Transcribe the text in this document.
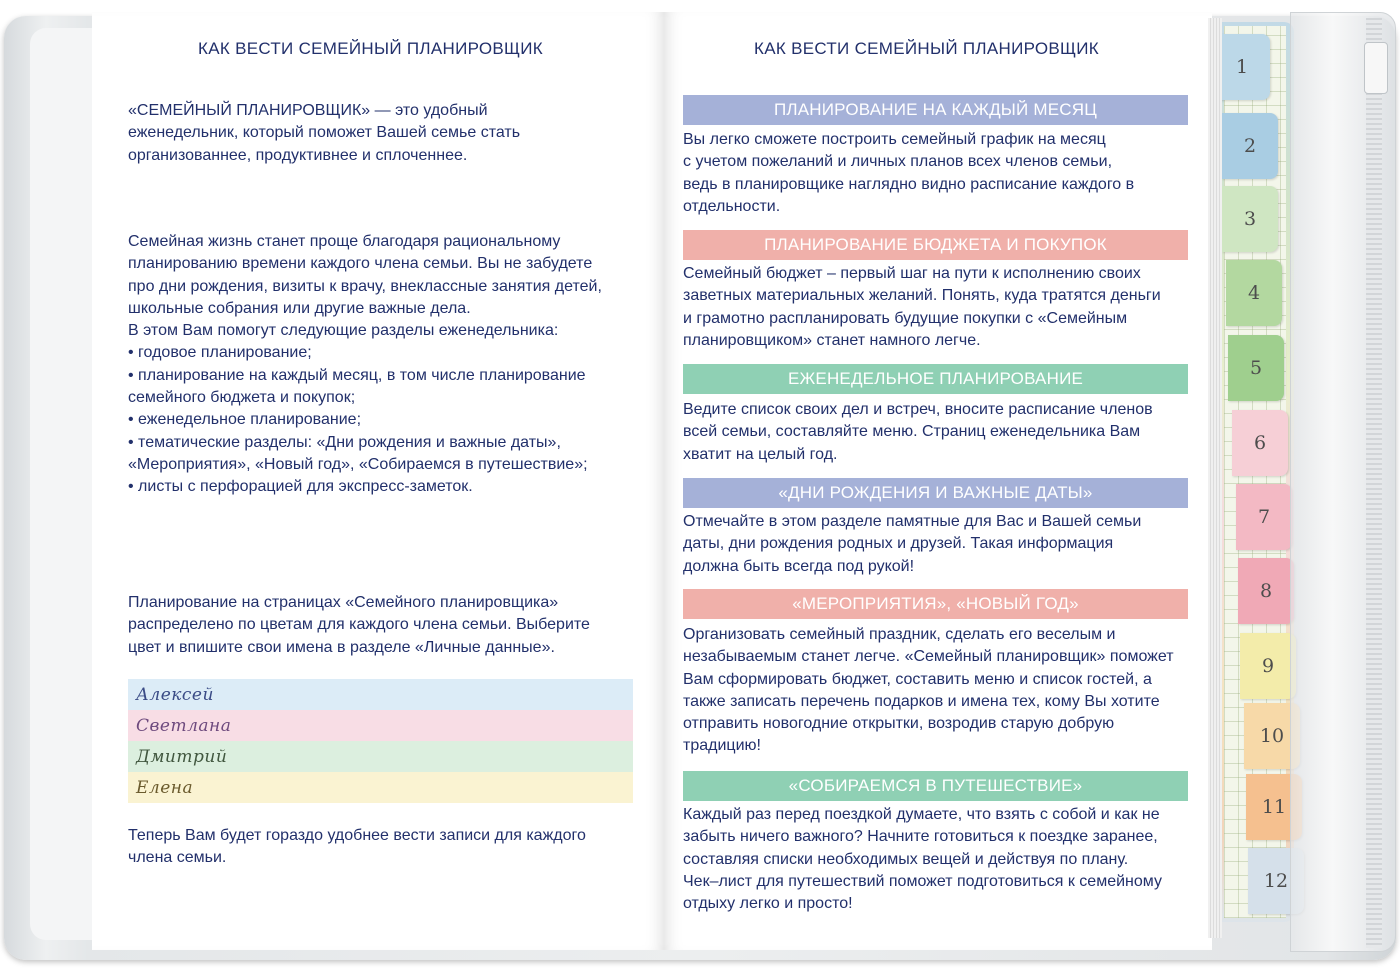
1
2
3
4
5
6
7
8
9
10
11
12
КАК ВЕСТИ СЕМЕЙНЫЙ ПЛАНИРОВЩИК

«СЕМЕЙНЫЙ ПЛАНИРОВЩИК» — это удобный
еженедельник, который поможет Вашей семье стать
организованнее, продуктивнее и сплоченнее.

Семейная жизнь станет проще благодаря рациональному
планированию времени каждого члена семьи. Вы не забудете
про дни рождения, визиты к врачу, внеклассные занятия детей,
школьные собрания или другие важные дела.
В этом Вам помогут следующие разделы еженедельника:
• годовое планирование;
• планирование на каждый месяц, в том числе планирование
семейного бюджета и покупок;
• еженедельное планирование;
• тематические разделы: «Дни рождения и важные даты»,
«Мероприятия», «Новый год», «Собираемся в путешествие»;
• листы с перфорацией для экспресс-заметок.

Планирование на страницах «Семейного планировщика»
распределено по цветам для каждого члена семьи. Выберите
цвет и впишите свои имена в разделе «Личные данные».

Алексей
Светлана
Дмитрий
Елена

Теперь Вам будет гораздо удобнее вести записи для каждого
члена семьи.

КАК ВЕСТИ СЕМЕЙНЫЙ ПЛАНИРОВЩИК
ПЛАНИРОВАНИЕ НА КАЖДЫЙ МЕСЯЦ

Вы легко сможете построить семейный график на месяц
с учетом пожеланий и личных планов всех членов семьи,
ведь в планировщике наглядно видно расписание каждого в
отдельности.

ПЛАНИРОВАНИЕ БЮДЖЕТА И ПОКУПОК

Семейный бюджет – первый шаг на пути к исполнению своих
заветных материальных желаний. Понять, куда тратятся деньги
и грамотно распланировать будущие покупки с «Семейным
планировщиком» станет намного легче.

ЕЖЕНЕДЕЛЬНОЕ ПЛАНИРОВАНИЕ

Ведите список своих дел и встреч, вносите расписание членов
всей семьи, составляйте меню. Страниц еженедельника Вам
хватит на целый год.

«ДНИ РОЖДЕНИЯ И ВАЖНЫЕ ДАТЫ»

Отмечайте в этом разделе памятные для Вас и Вашей семьи
даты, дни рождения родных и друзей. Такая информация
должна быть всегда под рукой!

«МЕРОПРИЯТИЯ», «НОВЫЙ ГОД»

Организовать семейный праздник, сделать его веселым и
незабываемым станет легче. «Семейный планировщик» поможет
Вам сформировать бюджет, составить меню и список гостей, а
также записать перечень подарков и имена тех, кому Вы хотите
отправить новогодние открытки, возродив старую добрую
традицию!

«СОБИРАЕМСЯ В ПУТЕШЕСТВИЕ»

Каждый раз перед поездкой думаете, что взять с собой и как не
забыть ничего важного? Начните готовиться к поездке заранее,
составляя списки необходимых вещей и действуя по плану.
Чек–лист для путешествий поможет подготовиться к семейному
отдыху легко и просто!
